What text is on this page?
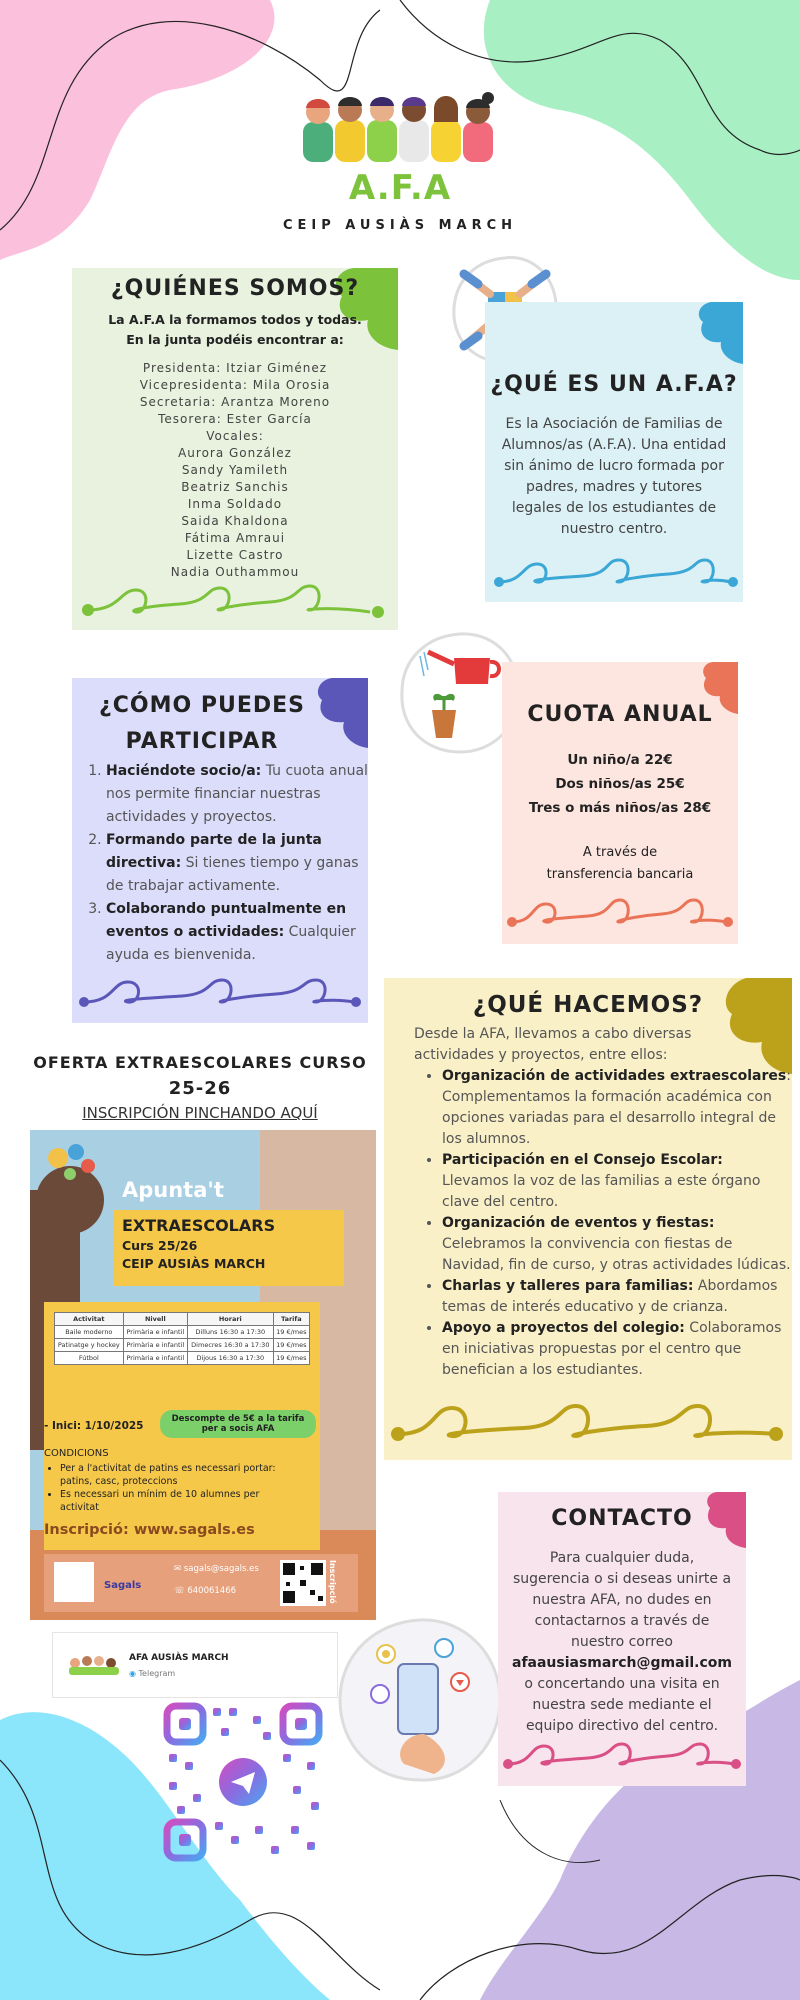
A.F.A
CEIP AUSIÀS MARCH
¿QUIÉNES SOMOS?
La A.F.A la formamos todos y todas.
En la junta podéis encontrar a:
Presidenta: Itziar Giménez
Vicepresidenta: Mila Orosia
Secretaria: Arantza Moreno
Tesorera: Ester García
Vocales:
Aurora González
Sandy Yamileth
Beatriz Sanchis
Inma Soldado
Saida Khaldona
Fátima Amraui
Lizette Castro
Nadia Outhammou
¿QUÉ ES UN A.F.A?
Es la Asociación de Familias de Alumnos/as (A.F.A). Una entidad sin ánimo de lucro formada por padres, madres y tutores legales de los estudiantes de nuestro centro.
¿CÓMO PUEDES
PARTICIPAR
1. Haciéndote socio/a: Tu cuota anual nos permite financiar nuestras actividades y proyectos.
2. Formando parte de la junta directiva: Si tienes tiempo y ganas de trabajar activamente.
3. Colaborando puntualmente en eventos o actividades: Cualquier ayuda es bienvenida.
CUOTA ANUAL
Un niño/a 22€
Dos niños/as 25€
Tres o más niños/as 28€
A través de
transferencia bancaria
¿QUÉ HACEMOS?
Desde la AFA, llevamos a cabo diversas actividades y proyectos, entre ellos:
• Organización de actividades extraescolares: Complementamos la formación académica con opciones variadas para el desarrollo integral de los alumnos.
• Participación en el Consejo Escolar: Llevamos la voz de las familias a este órgano clave del centro.
• Organización de eventos y fiestas: Celebramos la convivencia con fiestas de Navidad, fin de curso, y otras actividades lúdicas.
• Charlas y talleres para familias: Abordamos temas de interés educativo y de crianza.
• Apoyo a proyectos del colegio: Colaboramos en iniciativas propuestas por el centro que benefician a los estudiantes.
OFERTA EXTRAESCOLARES CURSO
25-26
INSCRIPCIÓN PINCHANDO AQUÍ
Apunta't
EXTRAESCOLARS
Curs 25/26
CEIP AUSIÀS MARCH
Activitat	Nivell	Horari	Tarifa
Baile moderno	Primària e infantil	Dilluns 16:30 a 17:30	19 €/mes
Patinatge y hockey	Primària e infantil	Dimecres 16:30 a 17:30	19 €/mes
Fútbol	Primària e infantil	Dijous 16:30 a 17:30	19 €/mes
- Inici: 1/10/2025
Descompte de 5€ a la tarifa per a socis AFA
CONDICIONS
• Per a l'activitat de patins es necessari portar: patins, casc, proteccions
• Es necessari un mínim de 10 alumnes per activitat
Inscripció: www.sagals.es
Sagals
✉ sagals@sagals.es
☏ 640061466	Inscripció
AFA AUSIÀS MARCH
◉ Telegram
CONTACTO
Para cualquier duda, sugerencia o si deseas unirte a nuestra AFA, no dudes en contactarnos a través de nuestro correo
afaausiasmarch@gmail.com
o concertando una visita en nuestra sede mediante el equipo directivo del centro.
